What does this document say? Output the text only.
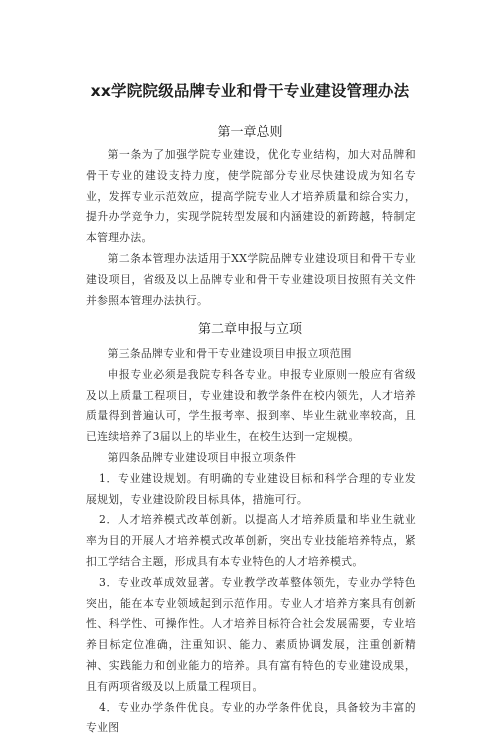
xx学院院级品牌专业和骨干专业建设管理办法
第一章总则

第一条为了加强学院专业建设，优化专业结构，加大对品牌和骨干专业的建设支持力度，使学院部分专业尽快建设成为知名专业，发挥专业示范效应，提高学院专业人才培养质量和综合实力，提升办学竞争力，实现学院转型发展和内涵建设的新跨越，特制定本管理办法。

第二条本管理办法适用于XX学院品牌专业建设项目和骨干专业建设项目，省级及以上品牌专业和骨干专业建设项目按照有关文件并参照本管理办法执行。

第二章申报与立项

第三条品牌专业和骨干专业建设项目申报立项范围

申报专业必须是我院专科各专业。申报专业原则一般应有省级及以上质量工程项目，专业建设和教学条件在校内领先，人才培养质量得到普遍认可，学生报考率、报到率、毕业生就业率较高，且已连续培养了3届以上的毕业生，在校生达到一定规模。

第四条品牌专业建设项目申报立项条件

1．专业建设规划。有明确的专业建设目标和科学合理的专业发展规划，专业建设阶段目标具体，措施可行。

2．人才培养模式改革创新。以提高人才培养质量和毕业生就业率为目的开展人才培养模式改革创新，突出专业技能培养特点，紧扣工学结合主题，形成具有本专业特色的人才培养模式。

3．专业改革成效显著。专业教学改革整体领先，专业办学特色突出，能在本专业领域起到示范作用。专业人才培养方案具有创新性、科学性、可操作性。人才培养目标符合社会发展需要，专业培养目标定位准确，注重知识、能力、素质协调发展，注重创新精神、实践能力和创业能力的培养。具有富有特色的专业建设成果，且有两项省级及以上质量工程项目。

4．专业办学条件优良。专业的办学条件优良，具备较为丰富的专业图
